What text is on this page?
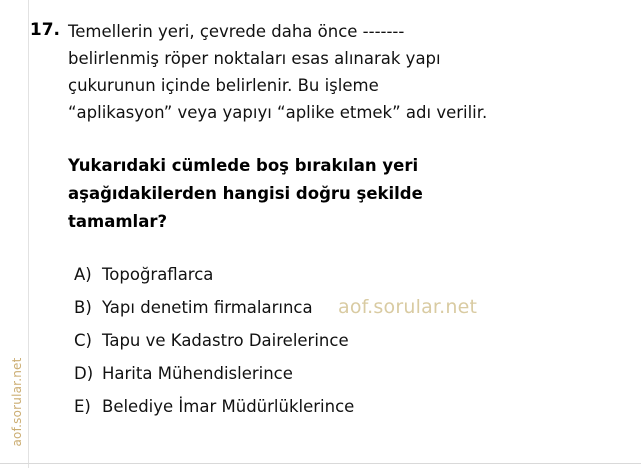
aof.sorular.net
17. Temellerin yeri, çevrede daha önce -------
belirlenmiş röper noktaları esas alınarak yapı
çukurunun içinde belirlenir. Bu işleme
“aplikasyon” veya yapıyı “aplike etmek” adı verilir.
Yukarıdaki cümlede boş bırakılan yeri
aşağıdakilerden hangisi doğru şekilde
tamamlar?
A) Topoğraflarca
B) Yapı denetim firmalarınca
C) Tapu ve Kadastro Dairelerince
D) Harita Mühendislerince
E) Belediye İmar Müdürlüklerince
aof.sorular.net
